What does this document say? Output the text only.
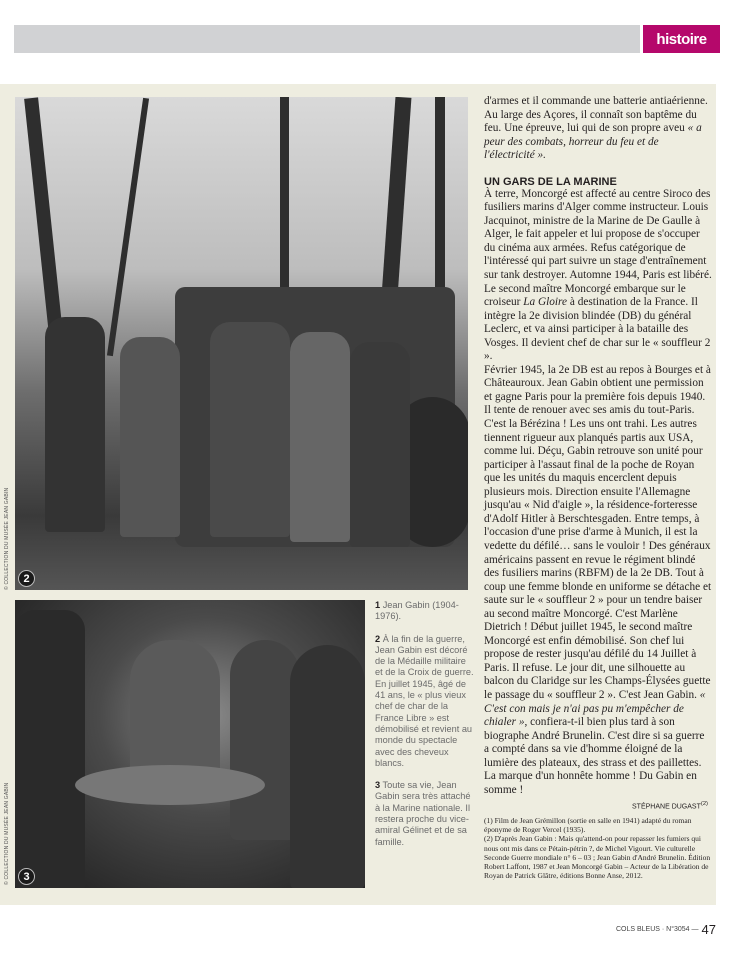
histoire
2
© COLLECTION DU MUSÉE JEAN GABIN
3
© COLLECTION DU MUSÉE JEAN GABIN

1 Jean Gabin (1904-1976).

2 À la fin de la guerre, Jean Gabin est décoré de la Médaille militaire et de la Croix de guerre. En juillet 1945, âgé de 41 ans, le « plus vieux chef de char de la France Libre » est démobilisé et revient au monde du spectacle avec des cheveux blancs.

3 Toute sa vie, Jean Gabin sera très attaché à la Marine nationale. Il restera proche du vice-amiral Gélinet et de sa famille.

d'armes et il commande une batterie antiaérienne. Au large des Açores, il connaît son baptême du feu. Une épreuve, lui qui de son propre aveu « a peur des combats, horreur du feu et de l'électricité ».

UN GARS DE LA MARINE

À terre, Moncorgé est affecté au centre Siroco des fusiliers marins d'Alger comme instructeur. Louis Jacquinot, ministre de la Marine de De Gaulle à Alger, le fait appeler et lui propose de s'occuper du cinéma aux armées. Refus catégorique de l'intéressé qui part suivre un stage d'entraînement sur tank destroyer. Automne 1944, Paris est libéré. Le second maître Moncorgé embarque sur le croiseur La Gloire à destination de la France. Il intègre la 2e division blindée (DB) du général Leclerc, et va ainsi participer à la bataille des Vosges. Il devient chef de char sur le « souffleur 2 ».

Février 1945, la 2e DB est au repos à Bourges et à Châteauroux. Jean Gabin obtient une permission et gagne Paris pour la première fois depuis 1940. Il tente de renouer avec ses amis du tout-Paris. C'est la Bérézina ! Les uns ont trahi. Les autres tiennent rigueur aux planqués partis aux USA, comme lui. Déçu, Gabin retrouve son unité pour participer à l'assaut final de la poche de Royan que les unités du maquis encerclent depuis plusieurs mois. Direction ensuite l'Allemagne jusqu'au « Nid d'aigle », la résidence-forteresse d'Adolf Hitler à Berschtesgaden. Entre temps, à l'occasion d'une prise d'arme à Munich, il est la vedette du défilé… sans le vouloir ! Des généraux américains passent en revue le régiment blindé des fusiliers marins (RBFM) de la 2e DB. Tout à coup une femme blonde en uniforme se détache et saute sur le « souffleur 2 » pour un tendre baiser au second maître Moncorgé. C'est Marlène Dietrich ! Début juillet 1945, le second maître Moncorgé est enfin démobilisé. Son chef lui propose de rester jusqu'au défilé du 14 Juillet à Paris. Il refuse. Le jour dit, une silhouette au balcon du Claridge sur les Champs-Élysées guette le passage du « souffleur 2 ». C'est Jean Gabin. « C'est con mais je n'ai pas pu m'empêcher de chialer », confiera-t-il bien plus tard à son biographe André Brunelin. C'est dire si sa guerre a compté dans sa vie d'homme éloigné de la lumière des plateaux, des strass et des paillettes. La marque d'un honnête homme ! Du Gabin en somme !

STÉPHANE DUGAST$^{(2)}$

(1) Film de Jean Grémillon (sortie en salle en 1941) adapté du roman éponyme de Roger Vercel (1935).

(2) D'après Jean Gabin : Mais qu'attend-on pour repasser les fumiers qui nous ont mis dans ce Pétain-pétrin ?, de Michel Vigourt. Vie culturelle Seconde Guerre mondiale n° 6 – 03 ; Jean Gabin d'André Brunelin. Édition Robert Laffont, 1987 et Jean Moncorgé Gabin – Acteur de la Libération de Royan de Patrick Glâtre, éditions Bonne Anse, 2012.

COLS BLEUS · N°3054 — 47
